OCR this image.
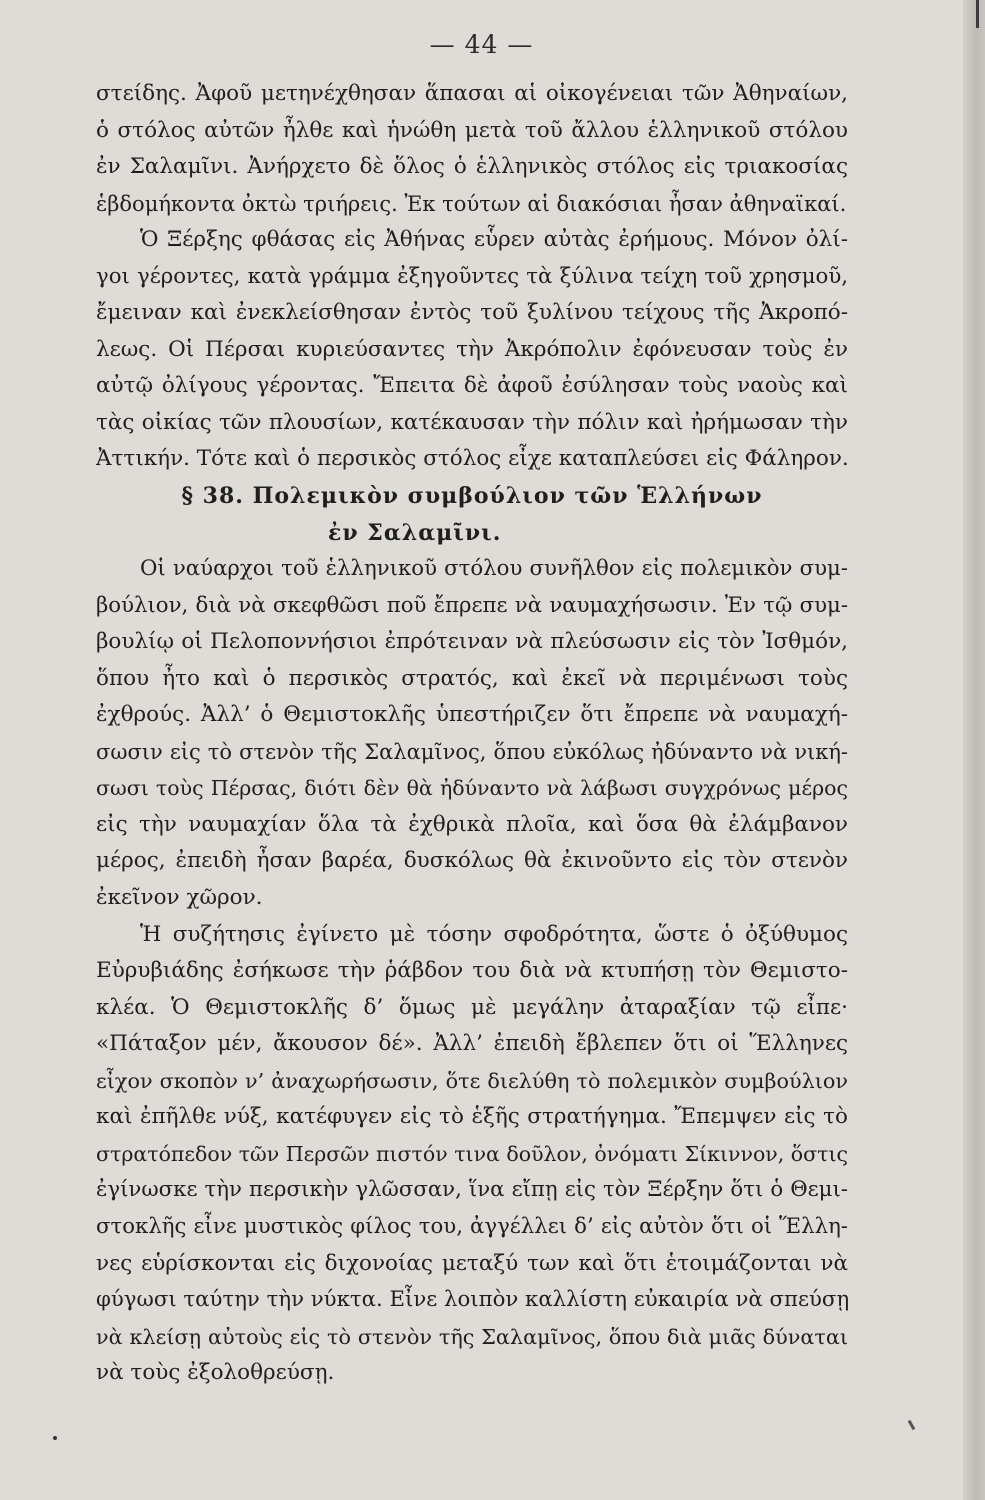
— 44 —
στείδης. Ἀφοῦ μετηνέχθησαν ἅπασαι αἱ οἰκογένειαι τῶν Ἀθηναίων,
ὁ στόλος αὐτῶν ἦλθε καὶ ἡνώθη μετὰ τοῦ ἄλλου ἑλληνικοῦ στόλου
ἐν Σαλαμῖνι. Ἀνήρχετο δὲ ὅλος ὁ ἑλληνικὸς στόλος εἰς τριακοσίας
ἑβδομήκοντα ὀκτὼ τριήρεις. Ἐκ τούτων αἱ διακόσιαι ἦσαν ἀθηναϊκαί.
Ὁ Ξέρξης φθάσας εἰς Ἀθήνας εὗρεν αὐτὰς ἐρήμους. Μόνον ὀλί-
γοι γέροντες, κατὰ γράμμα ἐξηγοῦντες τὰ ξύλινα τείχη τοῦ χρησμοῦ,
ἔμειναν καὶ ἐνεκλείσθησαν ἐντὸς τοῦ ξυλίνου τείχους τῆς Ἀκροπό-
λεως. Οἱ Πέρσαι κυριεύσαντες τὴν Ἀκρόπολιν ἐφόνευσαν τοὺς ἐν
αὐτῷ ὀλίγους γέροντας. Ἔπειτα δὲ ἀφοῦ ἐσύλησαν τοὺς ναοὺς καὶ
τὰς οἰκίας τῶν πλουσίων, κατέκαυσαν τὴν πόλιν καὶ ἠρήμωσαν τὴν
Ἀττικήν. Τότε καὶ ὁ περσικὸς στόλος εἶχε καταπλεύσει εἰς Φάληρον.
§ 38. Πολεμικὸν συμβούλιον τῶν Ἑλλήνων
ἐν Σαλαμῖνι.
Οἱ ναύαρχοι τοῦ ἑλληνικοῦ στόλου συνῆλθον εἰς πολεμικὸν συμ-
βούλιον, διὰ νὰ σκεφθῶσι ποῦ ἔπρεπε νὰ ναυμαχήσωσιν. Ἐν τῷ συμ-
βουλίῳ οἱ Πελοποννήσιοι ἐπρότειναν νὰ πλεύσωσιν εἰς τὸν Ἰσθμόν,
ὅπου ἦτο καὶ ὁ περσικὸς στρατός, καὶ ἐκεῖ νὰ περιμένωσι τοὺς
ἐχθρούς. Ἀλλ’ ὁ Θεμιστοκλῆς ὑπεστήριζεν ὅτι ἔπρεπε νὰ ναυμαχή-
σωσιν εἰς τὸ στενὸν τῆς Σαλαμῖνος, ὅπου εὐκόλως ἠδύναντο νὰ νική-
σωσι τοὺς Πέρσας, διότι δὲν θὰ ἠδύναντο νὰ λάβωσι συγχρόνως μέρος
εἰς τὴν ναυμαχίαν ὅλα τὰ ἐχθρικὰ πλοῖα, καὶ ὅσα θὰ ἐλάμβανον
μέρος, ἐπειδὴ ἦσαν βαρέα, δυσκόλως θὰ ἐκινοῦντο εἰς τὸν στενὸν
ἐκεῖνον χῶρον.
Ἡ συζήτησις ἐγίνετο μὲ τόσην σφοδρότητα, ὥστε ὁ ὀξύθυμος
Εὐρυβιάδης ἐσήκωσε τὴν ῥάβδον του διὰ νὰ κτυπήσῃ τὸν Θεμιστο-
κλέα. Ὁ Θεμιστοκλῆς δ’ ὅμως μὲ μεγάλην ἀταραξίαν τῷ εἶπε·
«Πάταξον μέν, ἄκουσον δέ». Ἀλλ’ ἐπειδὴ ἔβλεπεν ὅτι οἱ Ἕλληνες
εἶχον σκοπὸν ν’ ἀναχωρήσωσιν, ὅτε διελύθη τὸ πολεμικὸν συμβούλιον
καὶ ἐπῆλθε νύξ, κατέφυγεν εἰς τὸ ἑξῆς στρατήγημα. Ἔπεμψεν εἰς τὸ
στρατόπεδον τῶν Περσῶν πιστόν τινα δοῦλον, ὀνόματι Σίκιννον, ὅστις
ἐγίνωσκε τὴν περσικὴν γλῶσσαν, ἵνα εἴπῃ εἰς τὸν Ξέρξην ὅτι ὁ Θεμι-
στοκλῆς εἶνε μυστικὸς φίλος του, ἀγγέλλει δ’ εἰς αὐτὸν ὅτι οἱ Ἕλλη-
νες εὑρίσκονται εἰς διχονοίας μεταξύ των καὶ ὅτι ἑτοιμάζονται νὰ
φύγωσι ταύτην τὴν νύκτα. Εἶνε λοιπὸν καλλίστη εὐκαιρία νὰ σπεύσῃ
νὰ κλείσῃ αὐτοὺς εἰς τὸ στενὸν τῆς Σαλαμῖνος, ὅπου διὰ μιᾶς δύναται
νὰ τοὺς ἐξολοθρεύσῃ.
